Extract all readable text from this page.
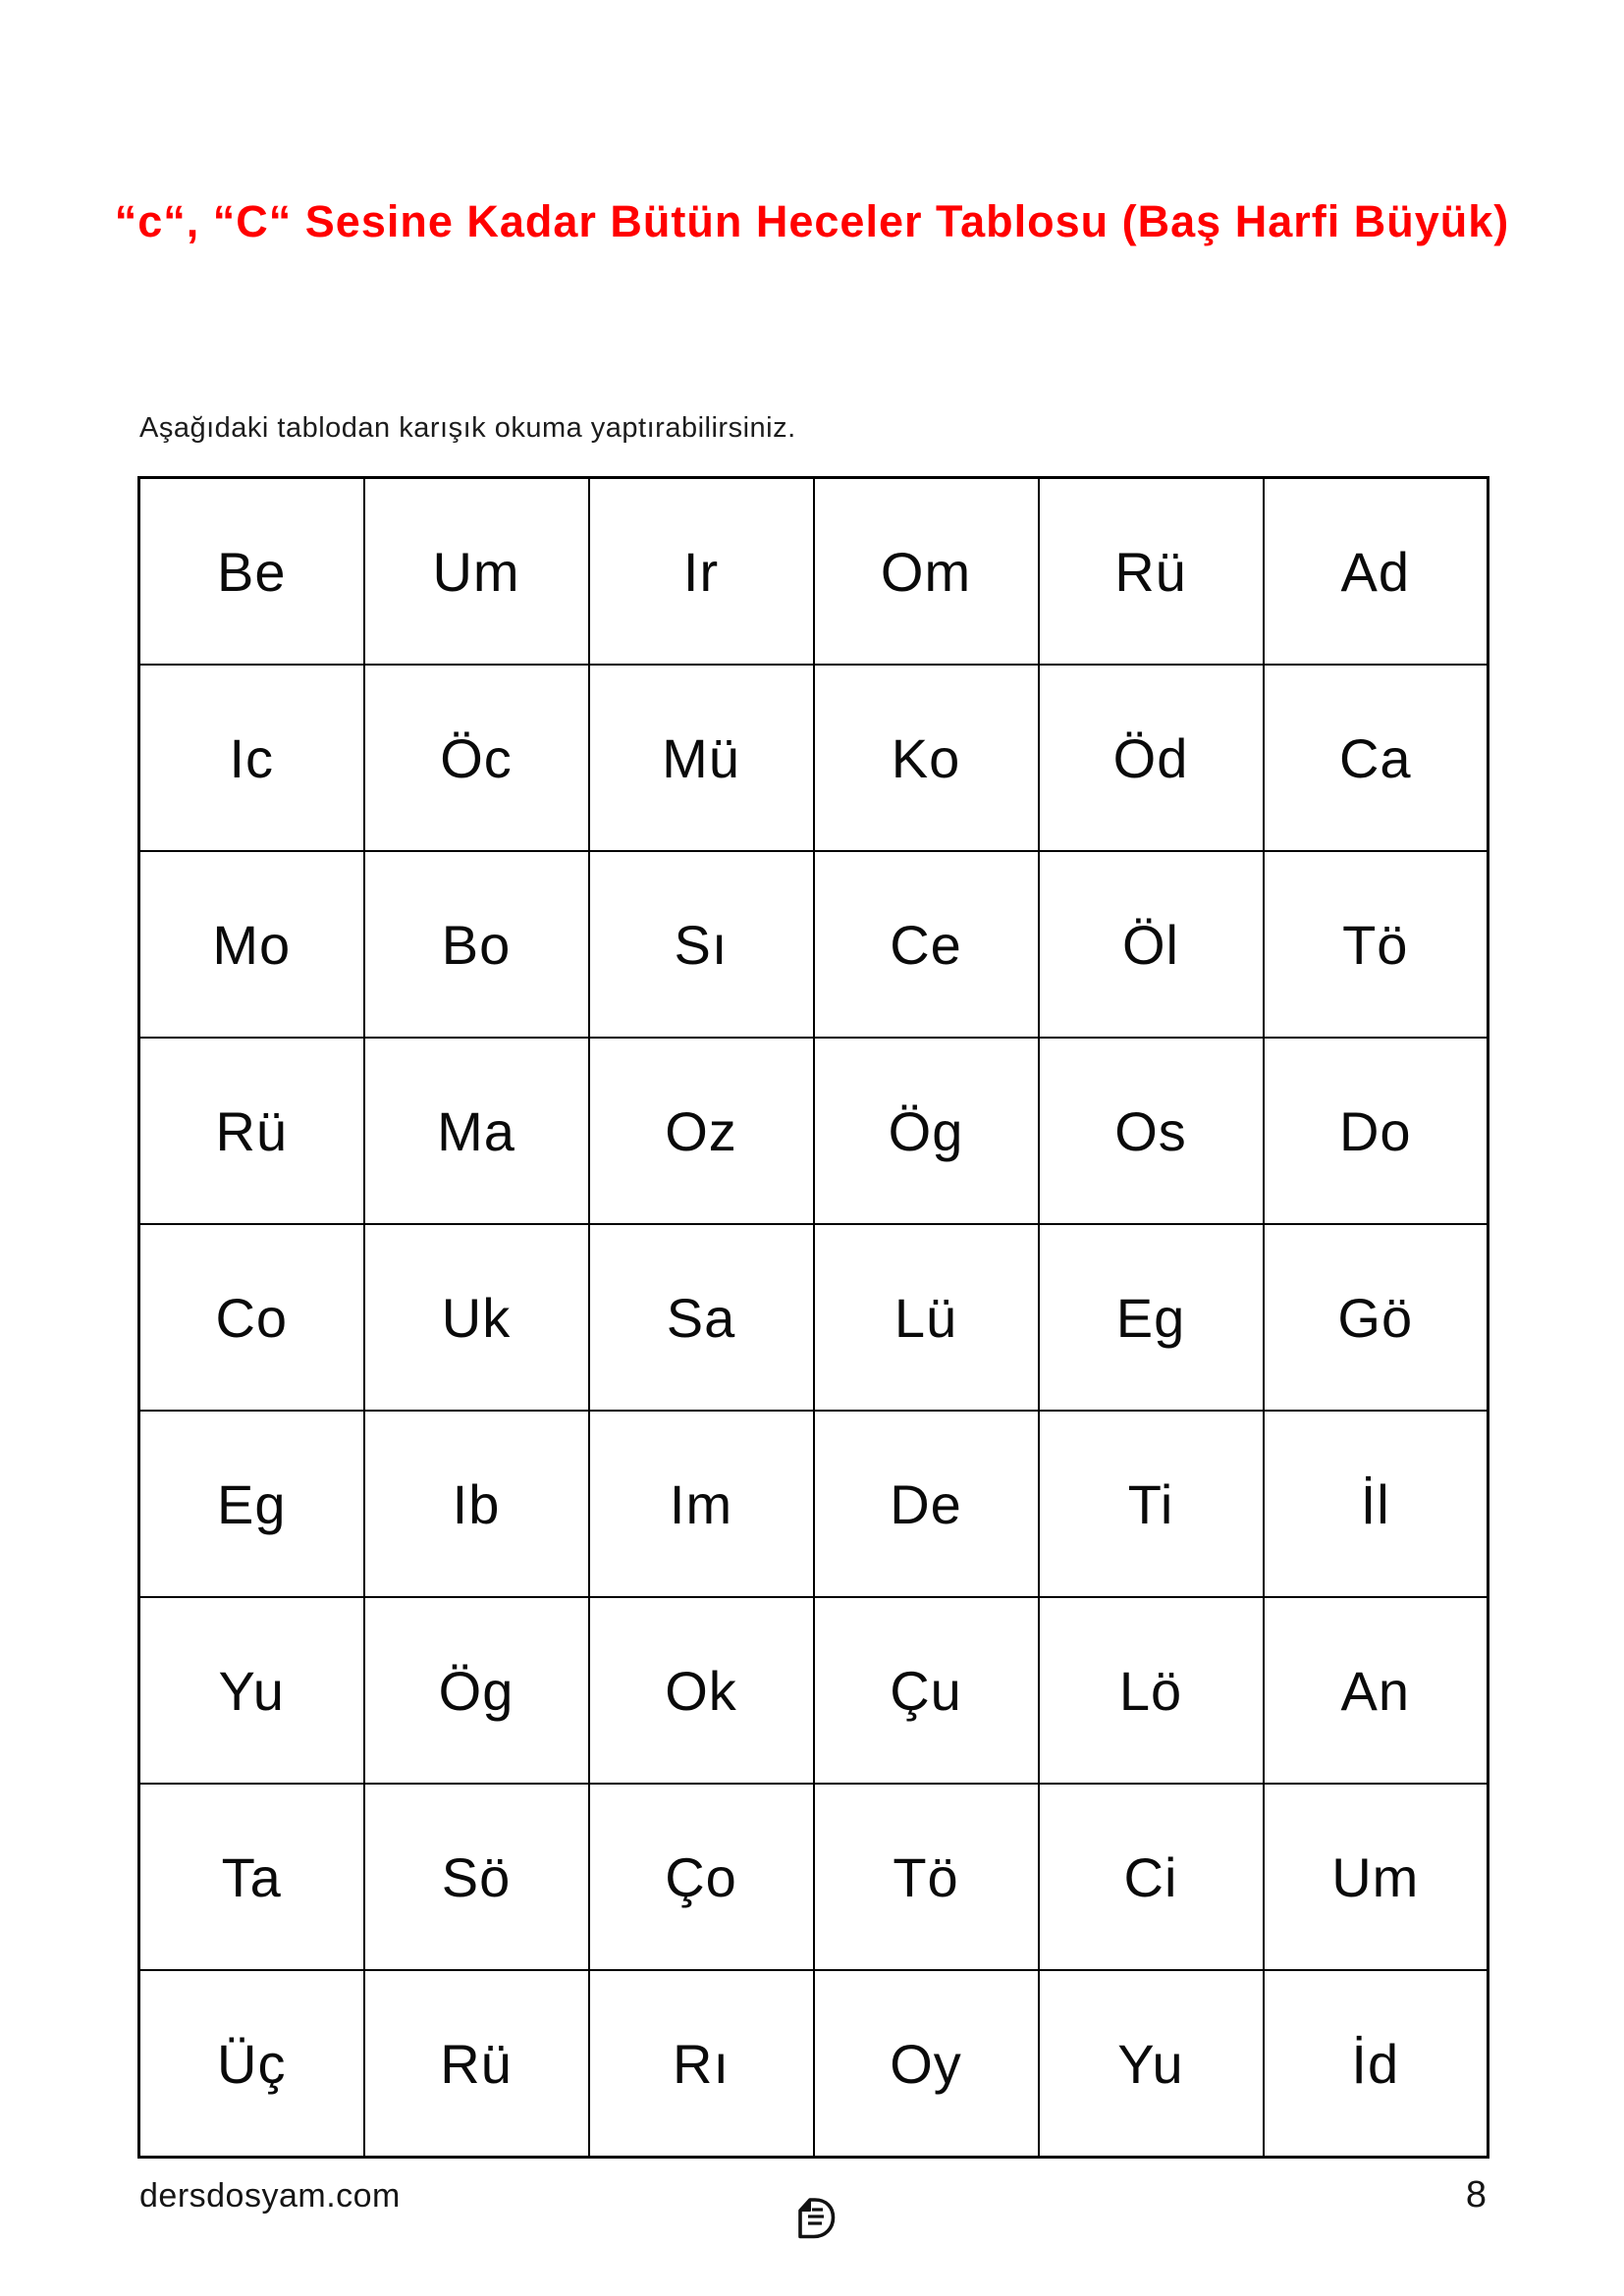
“c“, “C“ Sesine Kadar Bütün Heceler Tablosu (Baş Harfi Büyük)
Aşağıdaki tablodan karışık okuma yaptırabilirsiniz.
Be	Um	Ir	Om	Rü	Ad
Ic	Öc	Mü	Ko	Öd	Ca
Mo	Bo	Sı	Ce	Öl	Tö
Rü	Ma	Oz	Ög	Os	Do
Co	Uk	Sa	Lü	Eg	Gö
Eg	Ib	Im	De	Ti	İl
Yu	Ög	Ok	Çu	Lö	An
Ta	Sö	Ço	Tö	Ci	Um
Üç	Rü	Rı	Oy	Yu	İd
dersdosyam.com	8
